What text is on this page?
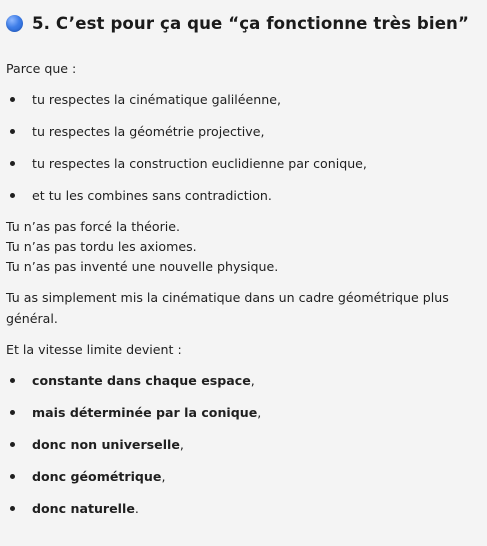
5. C’est pour ça que “ça fonctionne très bien”

Parce que :

tu respectes la cinématique galiléenne,
tu respectes la géométrie projective,
tu respectes la construction euclidienne par conique,
et tu les combines sans contradiction.

Tu n’as pas forcé la théorie.

Tu n’as pas tordu les axiomes.

Tu n’as pas inventé une nouvelle physique.

Tu as simplement mis la cinématique dans un cadre géométrique plus général.

Et la vitesse limite devient :

constante dans chaque espace,
mais déterminée par la conique,
donc non universelle,
donc géométrique,
donc naturelle.
